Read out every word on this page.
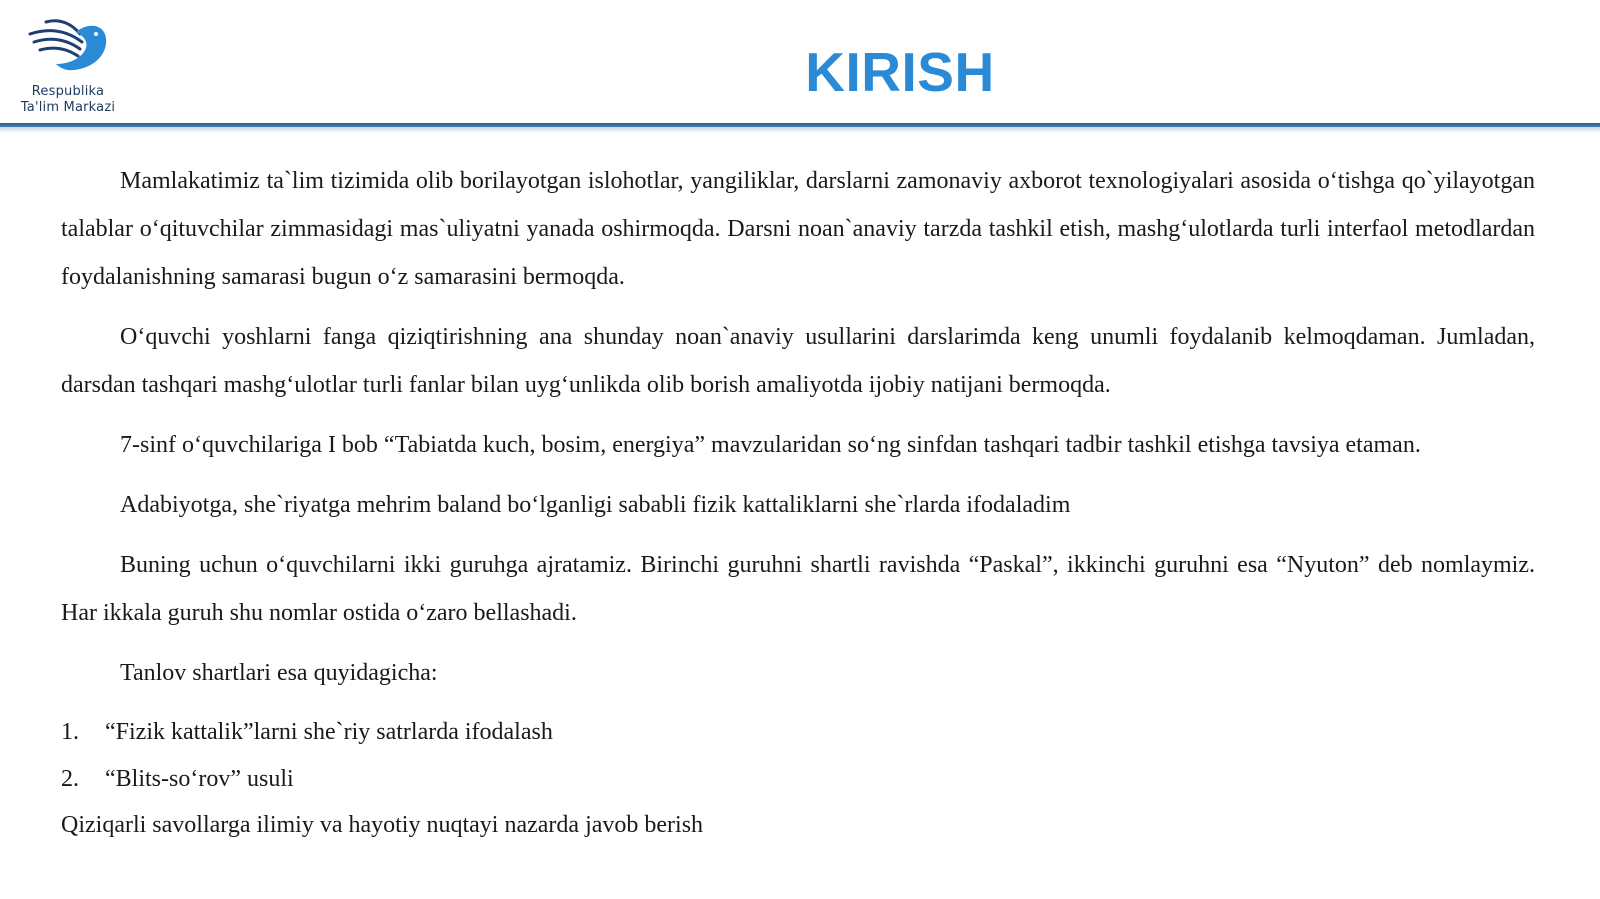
Respublika
Ta'lim Markazi
KIRISH

Mamlakatimiz ta`lim tizimida olib borilayotgan islohotlar, yangiliklar, darslarni zamonaviy axborot texnologiyalari asosida o‘tishga qo`yilayotgan talablar o‘qituvchilar zimmasidagi mas`uliyatni yanada oshirmoqda. Darsni noan`anaviy tarzda tashkil etish, mashg‘ulotlarda turli interfaol metodlardan foydalanishning samarasi bugun o‘z samarasini bermoqda.

O‘quvchi yoshlarni fanga qiziqtirishning ana shunday noan`anaviy usullarini darslarimda keng unumli foydalanib kelmoqdaman. Jumladan, darsdan tashqari mashg‘ulotlar turli fanlar bilan uyg‘unlikda olib borish amaliyotda ijobiy natijani bermoqda.

7-sinf o‘quvchilariga I bob “Tabiatda kuch, bosim, energiya” mavzularidan so‘ng sinfdan tashqari tadbir tashkil etishga tavsiya etaman.

Adabiyotga, she`riyatga mehrim baland bo‘lganligi sababli fizik kattaliklarni she`rlarda ifodaladim

Buning uchun o‘quvchilarni ikki guruhga ajratamiz. Birinchi guruhni shartli ravishda “Paskal”, ikkinchi guruhni esa “Nyuton” deb nomlaymiz. Har ikkala guruh shu nomlar ostida o‘zaro bellashadi.

Tanlov shartlari esa quyidagicha:

1. “Fizik kattalik”larni she`riy satrlarda ifodalash
2. “Blits-so‘rov” usuli
Qiziqarli savollarga ilimiy va hayotiy nuqtayi nazarda javob berish
